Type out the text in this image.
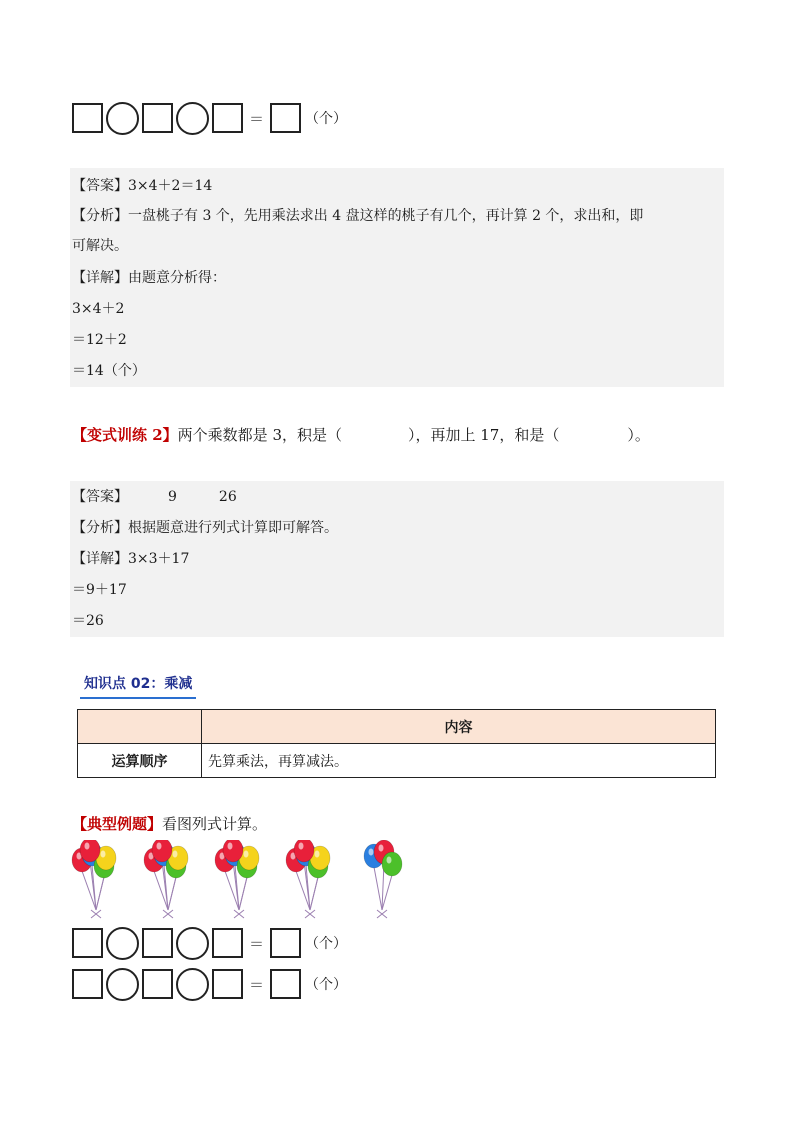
＝	（个）
【答案】3×4＋2＝14
【分析】一盘桃子有 3 个，先用乘法求出 4 盘这样的桃子有几个，再计算 2 个，求出和，即
可解决。
【详解】由题意分析得：
3×4＋2
＝12＋2
＝14（个）
【变式训练 2】两个乘数都是 3，积是（	），再加上 17，和是（	）。
【答案】	9	26
【分析】根据题意进行列式计算即可解答。
【详解】3×3＋17
＝9＋17
＝26
知识点 02：乘减
	内容
运算顺序	先算乘法，再算减法。
【典型例题】看图列式计算。
＝	（个）
＝	（个）
